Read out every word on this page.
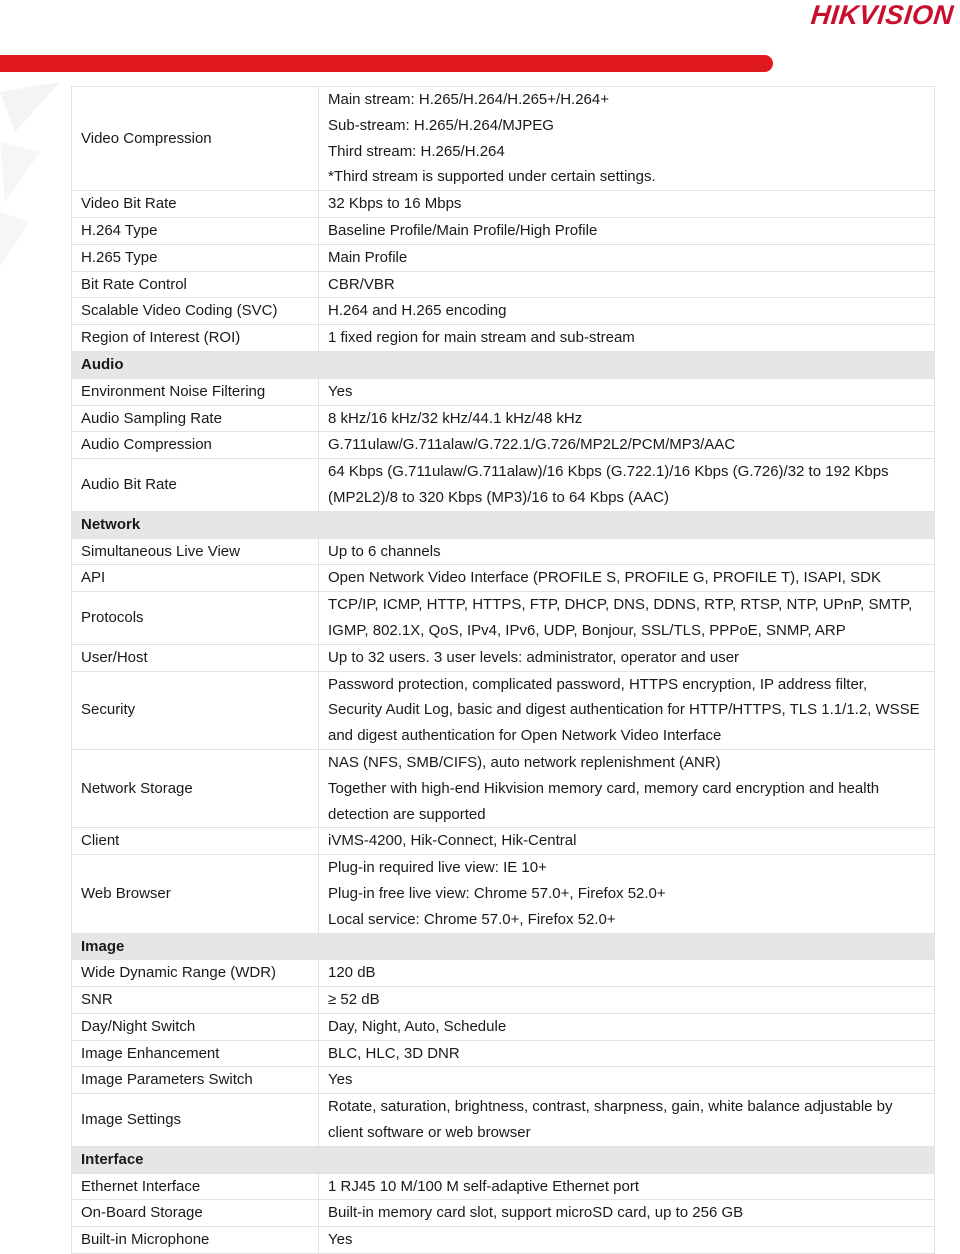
HIKVISION
Video Compression	Main stream: H.265/H.264/H.265+/H.264+
Sub-stream: H.265/H.264/MJPEG
Third stream: H.265/H.264
*Third stream is supported under certain settings.

Video Bit Rate	32 Kbps to 16 Mbps

H.264 Type	Baseline Profile/Main Profile/High Profile

H.265 Type	Main Profile

Bit Rate Control	CBR/VBR

Scalable Video Coding (SVC)	H.264 and H.265 encoding

Region of Interest (ROI)	1 fixed region for main stream and sub-stream

Audio	
Environment Noise Filtering	Yes

Audio Sampling Rate	8 kHz/16 kHz/32 kHz/44.1 kHz/48 kHz

Audio Compression	G.711ulaw/G.711alaw/G.722.1/G.726/MP2L2/PCM/MP3/AAC

Audio Bit Rate	64 Kbps (G.711ulaw/G.711alaw)/16 Kbps (G.722.1)/16 Kbps (G.726)/32 to 192 Kbps
(MP2L2)/8 to 320 Kbps (MP3)/16 to 64 Kbps (AAC)

Network	
Simultaneous Live View	Up to 6 channels

API	Open Network Video Interface (PROFILE S, PROFILE G, PROFILE T), ISAPI, SDK

Protocols	TCP/IP, ICMP, HTTP, HTTPS, FTP, DHCP, DNS, DDNS, RTP, RTSP, NTP, UPnP, SMTP,
IGMP, 802.1X, QoS, IPv4, IPv6, UDP, Bonjour, SSL/TLS, PPPoE, SNMP, ARP

User/Host	Up to 32 users. 3 user levels: administrator, operator and user

Security	Password protection, complicated password, HTTPS encryption, IP address filter,
Security Audit Log, basic and digest authentication for HTTP/HTTPS, TLS 1.1/1.2, WSSE
and digest authentication for Open Network Video Interface

Network Storage	NAS (NFS, SMB/CIFS), auto network replenishment (ANR)
Together with high-end Hikvision memory card, memory card encryption and health
detection are supported

Client	iVMS-4200, Hik-Connect, Hik-Central

Web Browser	Plug-in required live view: IE 10+
Plug-in free live view: Chrome 57.0+, Firefox 52.0+
Local service: Chrome 57.0+, Firefox 52.0+

Image	
Wide Dynamic Range (WDR)	120 dB

SNR	≥ 52 dB

Day/Night Switch	Day, Night, Auto, Schedule

Image Enhancement	BLC, HLC, 3D DNR

Image Parameters Switch	Yes

Image Settings	Rotate, saturation, brightness, contrast, sharpness, gain, white balance adjustable by
client software or web browser

Interface	
Ethernet Interface	1 RJ45 10 M/100 M self-adaptive Ethernet port

On-Board Storage	Built-in memory card slot, support microSD card, up to 256 GB

Built-in Microphone	Yes
